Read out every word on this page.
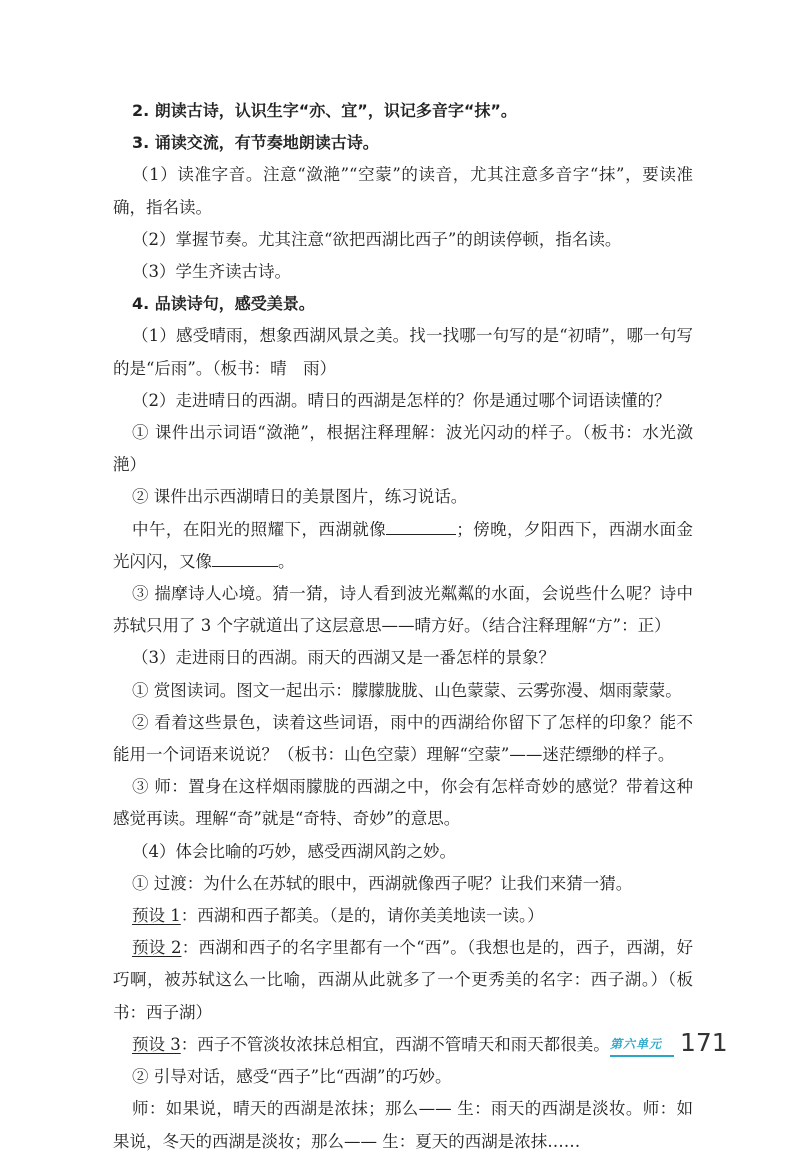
2. 朗读古诗，认识生字“亦、宜”，识记多音字“抹”。

3. 诵读交流，有节奏地朗读古诗。

（1）读准字音。注意“潋滟”“空蒙”的读音，尤其注意多音字“抹”，要读准确，指名读。

（2）掌握节奏。尤其注意“欲把西湖比西子”的朗读停顿，指名读。

（3）学生齐读古诗。

4. 品读诗句，感受美景。

（1）感受晴雨，想象西湖风景之美。找一找哪一句写的是“初晴”，哪一句写的是“后雨”。（板书：晴　雨）

（2）走进晴日的西湖。晴日的西湖是怎样的？你是通过哪个词语读懂的？

① 课件出示词语“潋滟”，根据注释理解：波光闪动的样子。（板书：水光潋滟）

② 课件出示西湖晴日的美景图片，练习说话。

中午，在阳光的照耀下，西湖就像	；傍晚，夕阳西下，西湖水面金光闪闪，又像	。

③ 揣摩诗人心境。猜一猜，诗人看到波光粼粼的水面，会说些什么呢？诗中苏轼只用了 3 个字就道出了这层意思——晴方好。（结合注释理解“方”：正）

（3）走进雨日的西湖。雨天的西湖又是一番怎样的景象？

① 赏图读词。图文一起出示：朦朦胧胧、山色蒙蒙、云雾弥漫、烟雨蒙蒙。

② 看着这些景色，读着这些词语，雨中的西湖给你留下了怎样的印象？能不能用一个词语来说说？（板书：山色空蒙）理解“空蒙”——迷茫缥缈的样子。

③ 师：置身在这样烟雨朦胧的西湖之中，你会有怎样奇妙的感觉？带着这种感觉再读。理解“奇”就是“奇特、奇妙”的意思。

（4）体会比喻的巧妙，感受西湖风韵之妙。

① 过渡：为什么在苏轼的眼中，西湖就像西子呢？让我们来猜一猜。

预设 1：西湖和西子都美。（是的，请你美美地读一读。）

预设 2：西湖和西子的名字里都有一个“西”。（我想也是的，西子，西湖，好巧啊，被苏轼这么一比喻，西湖从此就多了一个更秀美的名字：西子湖。）（板书：西子湖）

预设 3：西子不管淡妆浓抹总相宜，西湖不管晴天和雨天都很美。

② 引导对话，感受“西子”比“西湖”的巧妙。

师：如果说，晴天的西湖是浓抹；那么—— 生：雨天的西湖是淡妆。师：如果说，冬天的西湖是淡妆；那么—— 生：夏天的西湖是浓抹……

第六单元 171
